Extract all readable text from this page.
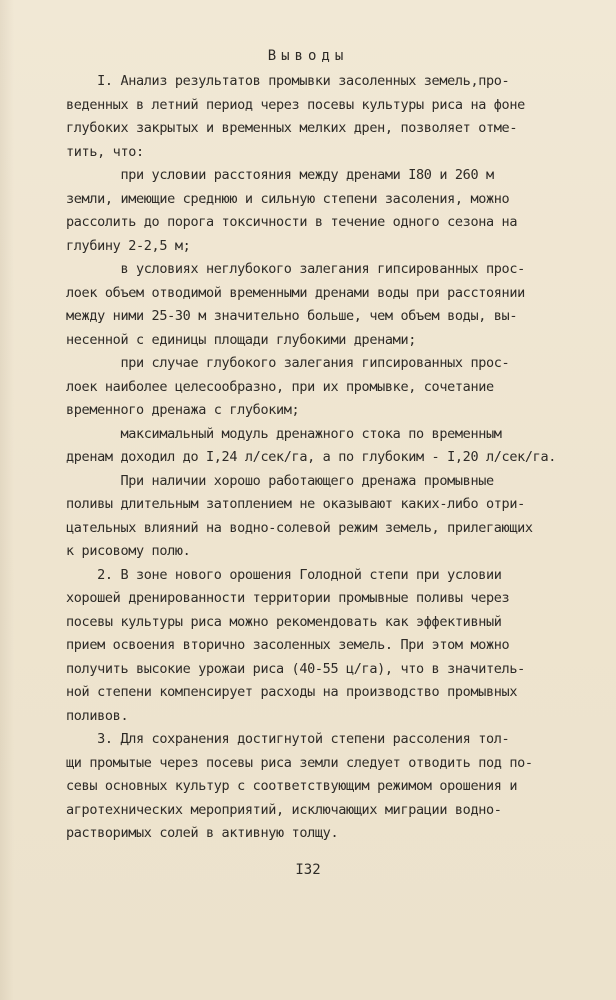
Выводы
I. Анализ результатов промывки засоленных земель,про-
веденных в летний период через посевы культуры риса на фоне
глубоких закрытых и временных мелких дрен, позволяет отме-
тить, что:
при условии расстояния между дренами I80 и 260 м
земли, имеющие среднюю и сильную степени засоления, можно
рассолить до порога токсичности в течение одного сезона на
глубину 2-2,5 м;
в условиях неглубокого залегания гипсированных прос-
лоек объем отводимой временными дренами воды при расстоянии
между ними 25-30 м значительно больше, чем объем воды, вы-
несенной с единицы площади глубокими дренами;
при случае глубокого залегания гипсированных прос-
лоек наиболее целесообразно, при их промывке, сочетание
временного дренажа с глубоким;
максимальный модуль дренажного стока по временным
дренам доходил до I,24 л/сек/га, а по глубоким - I,20 л/сек/га.
При наличии хорошо работающего дренажа промывные
поливы длительным затоплением не оказывают каких-либо отри-
цательных влияний на водно-солевой режим земель, прилегающих
к рисовому полю.
2. В зоне нового орошения Голодной степи при условии
хорошей дренированности территории промывные поливы через
посевы культуры риса можно рекомендовать как эффективный
прием освоения вторично засоленных земель. При этом можно
получить высокие урожаи риса (40-55 ц/га), что в значитель-
ной степени компенсирует расходы на производство промывных
поливов.
3. Для сохранения достигнутой степени рассоления тол-
щи промытые через посевы риса земли следует отводить под по-
севы основных культур с соответствующим режимом орошения и
агротехнических мероприятий, исключающих миграции водно-
растворимых солей в активную толщу.
I32
